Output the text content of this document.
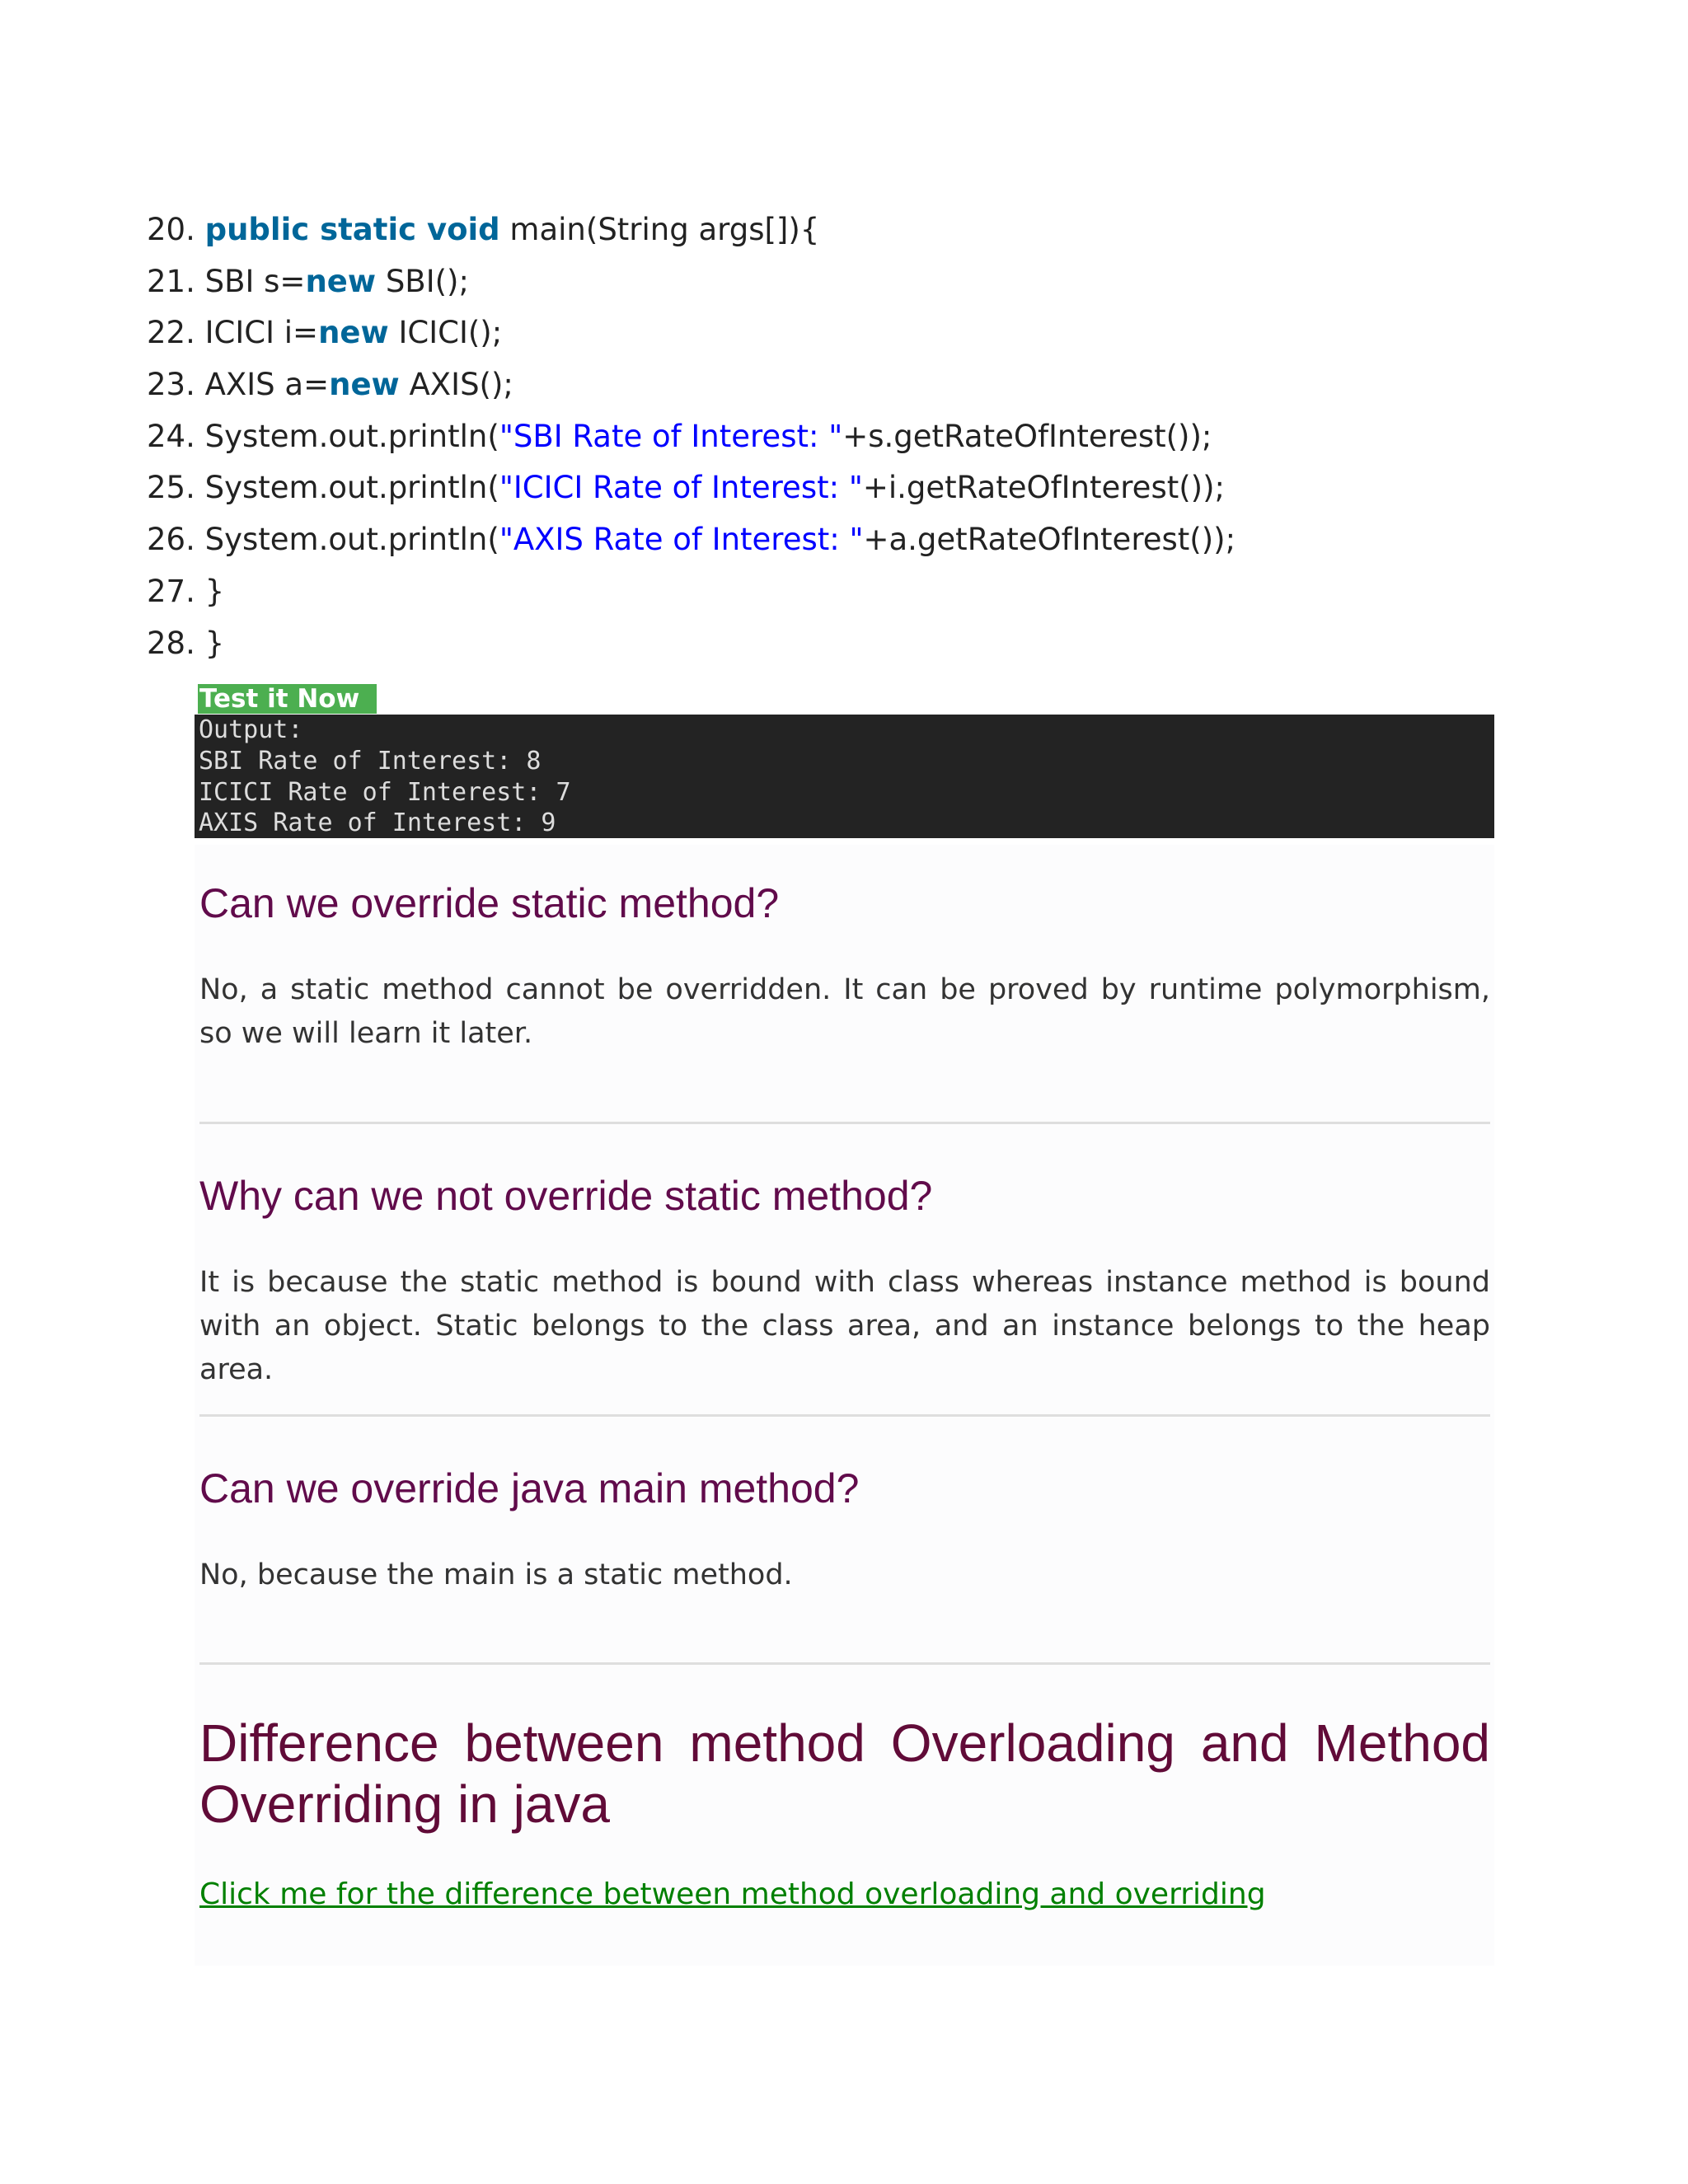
20. public static void main(String args[]){
21. SBI s=new SBI();
22. ICICI i=new ICICI();
23. AXIS a=new AXIS();
24. System.out.println("SBI Rate of Interest: "+s.getRateOfInterest());
25. System.out.println("ICICI Rate of Interest: "+i.getRateOfInterest());
26. System.out.println("AXIS Rate of Interest: "+a.getRateOfInterest());
27. }
28. }
Test it Now
Output:
SBI Rate of Interest: 8
ICICI Rate of Interest: 7
AXIS Rate of Interest: 9
Can we override static method?
No, a static method cannot be overridden. It can be proved by runtime polymorphism, so we will learn it later.
Why can we not override static method?
It is because the static method is bound with class whereas instance method is bound with an object. Static belongs to the class area, and an instance belongs to the heap area.
Can we override java main method?
No, because the main is a static method.
Difference between method Overloading and Method Overriding in java
Click me for the difference between method overloading and overriding
